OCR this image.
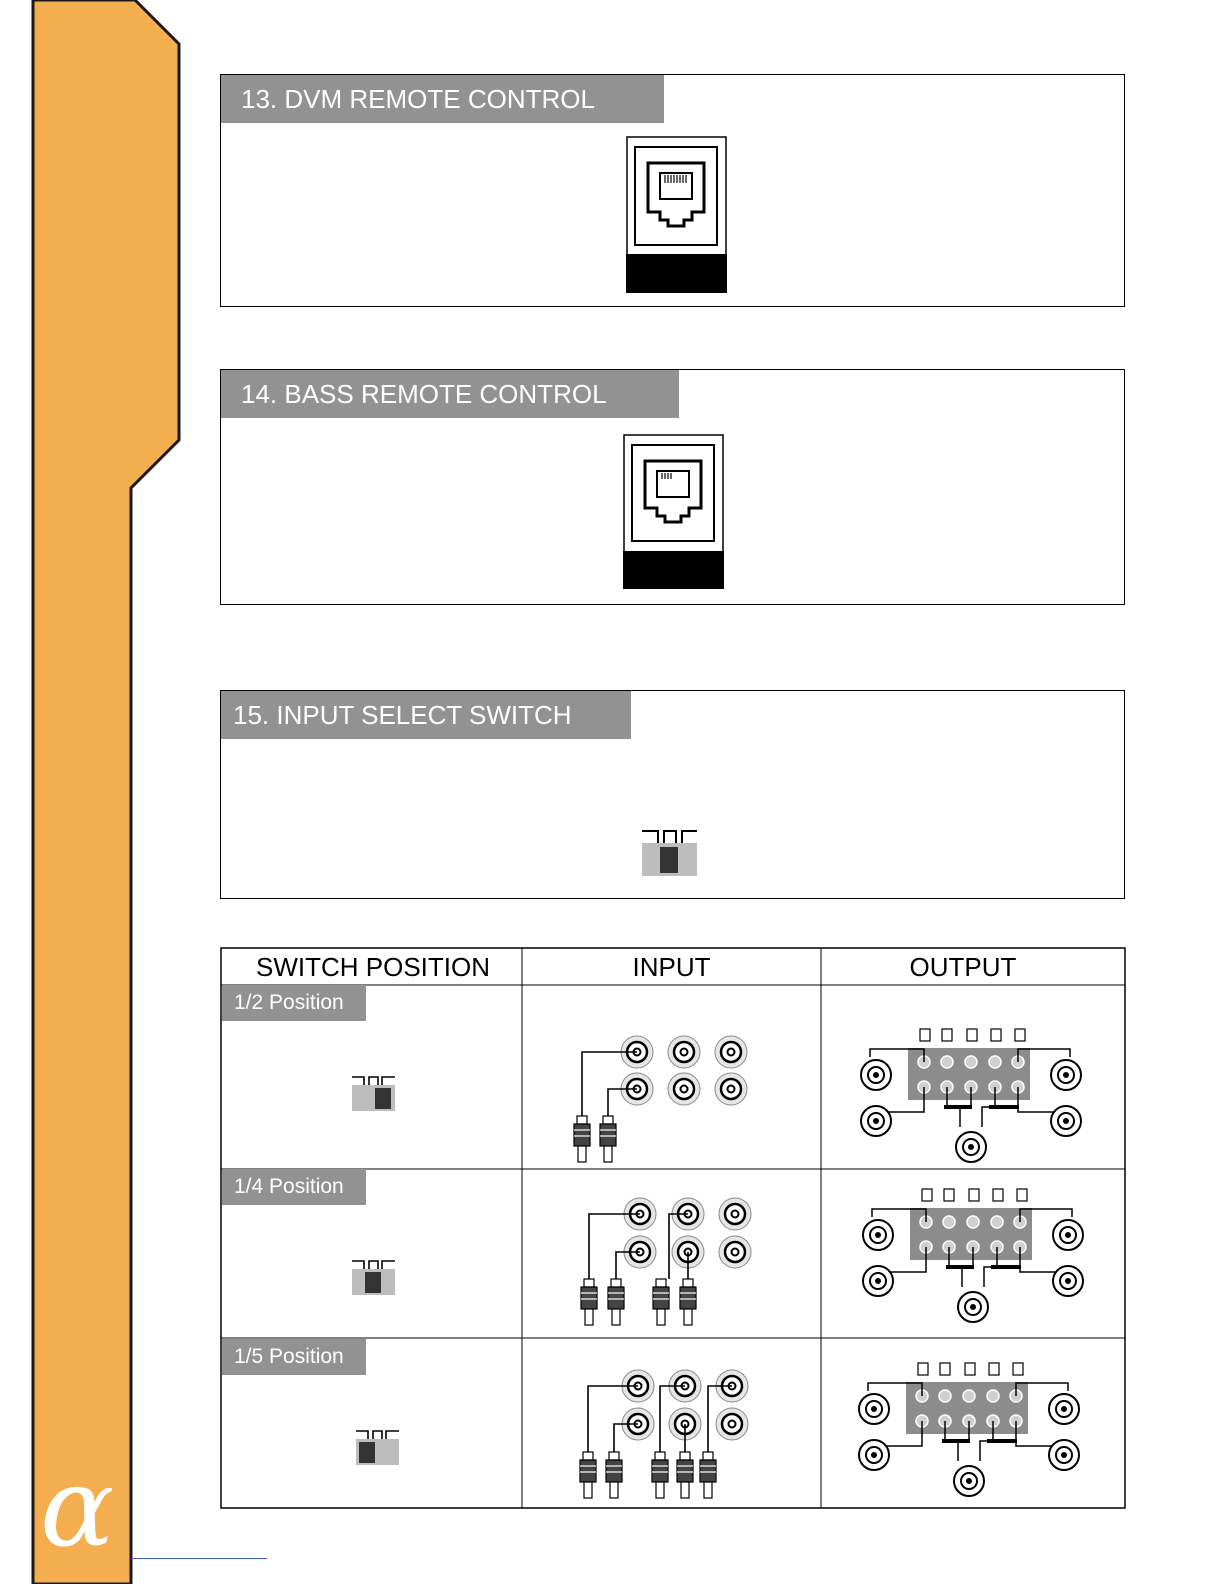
α
13. DVM REMOTE CONTROL
14. BASS REMOTE CONTROL
15. INPUT SELECT SWITCH
SWITCH POSITION	INPUT	OUTPUT
1/2 Position
1/4 Position
1/5 Position
